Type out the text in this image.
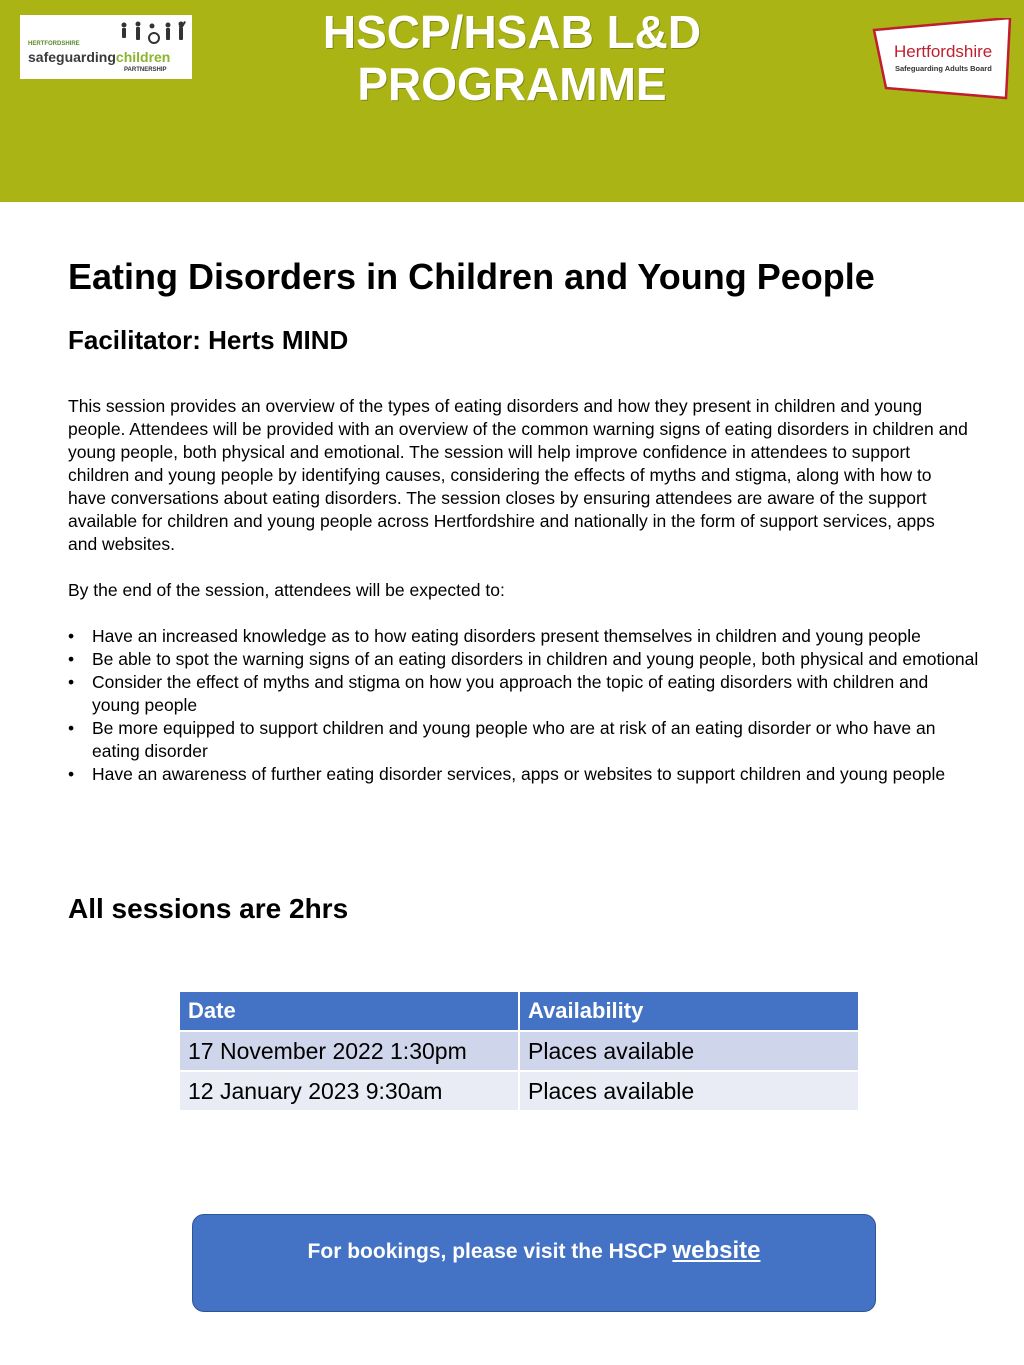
HERTFORDSHIRE
safeguardingchildren
PARTNERSHIP
HSCP/HSAB L&D
PROGRAMME
Hertfordshire
Safeguarding Adults Board
Eating Disorders in Children and Young People

Facilitator: Herts MIND

This session provides an overview of the types of eating disorders and how they present in children and young people. Attendees will be provided with an overview of the common warning signs of eating disorders in children and young people, both physical and emotional. The session will help improve confidence in attendees to support children and young people by identifying causes, considering the effects of myths and stigma, along with how to have conversations about eating disorders. The session closes by ensuring attendees are aware of the support available for children and young people across Hertfordshire and nationally in the form of support services, apps and websites.

By the end of the session, attendees will be expected to:

• Have an increased knowledge as to how eating disorders present themselves in children and young people
• Be able to spot the warning signs of an eating disorders in children and young people, both physical and emotional
• Consider the effect of myths and stigma on how you approach the topic of eating disorders with children and young people
• Be more equipped to support children and young people who are at risk of an eating disorder or who have an eating disorder
• Have an awareness of further eating disorder services, apps or websites to support children and young people

All sessions are 2hrs

Date	Availability
17 November 2022 1:30pm	Places available
12 January 2023 9:30am	Places available
For bookings, please visit the HSCP website
